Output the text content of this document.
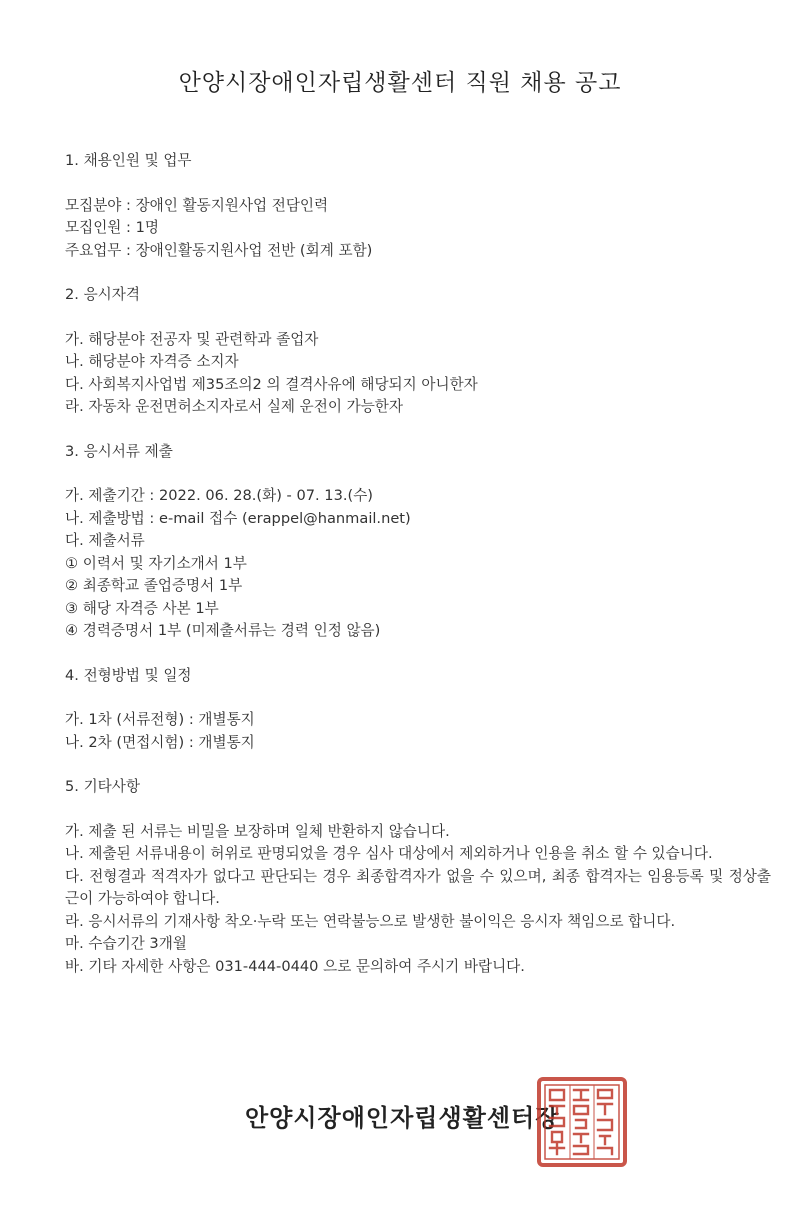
안양시장애인자립생활센터 직원 채용 공고

1. 채용인원 및 업무

모집분야 : 장애인 활동지원사업 전담인력

모집인원 : 1명

주요업무 : 장애인활동지원사업 전반 (회계 포함)

2. 응시자격

가. 해당분야 전공자 및 관련학과 졸업자

나. 해당분야 자격증 소지자

다. 사회복지사업법 제35조의2 의 결격사유에 해당되지 아니한자

라. 자동차 운전면허소지자로서 실제 운전이 가능한자

3. 응시서류 제출

가. 제출기간 : 2022. 06. 28.(화) - 07. 13.(수)

나. 제출방법 : e-mail 접수 (erappel@hanmail.net)

다. 제출서류

① 이력서 및 자기소개서 1부

② 최종학교 졸업증명서 1부

③ 해당 자격증 사본 1부

④ 경력증명서 1부 (미제출서류는 경력 인정 않음)

4. 전형방법 및 일정

가. 1차 (서류전형) : 개별통지

나. 2차 (면접시험) : 개별통지

5. 기타사항

가. 제출 된 서류는 비밀을 보장하며 일체 반환하지 않습니다.

나. 제출된 서류내용이 허위로 판명되었을 경우 심사 대상에서 제외하거나 인용을 취소 할 수 있습니다.

다. 전형결과 적격자가 없다고 판단되는 경우 최종합격자가 없을 수 있으며, 최종 합격자는 임용등록 및 정상출근이 가능하여야 합니다.

라. 응시서류의 기재사항 착오·누락 또는 연락불능으로 발생한 불이익은 응시자 책임으로 합니다.

마. 수습기간 3개월

바. 기타 자세한 사항은 031-444-0440 으로 문의하여 주시기 바랍니다.

안양시장애인자립생활센터장
